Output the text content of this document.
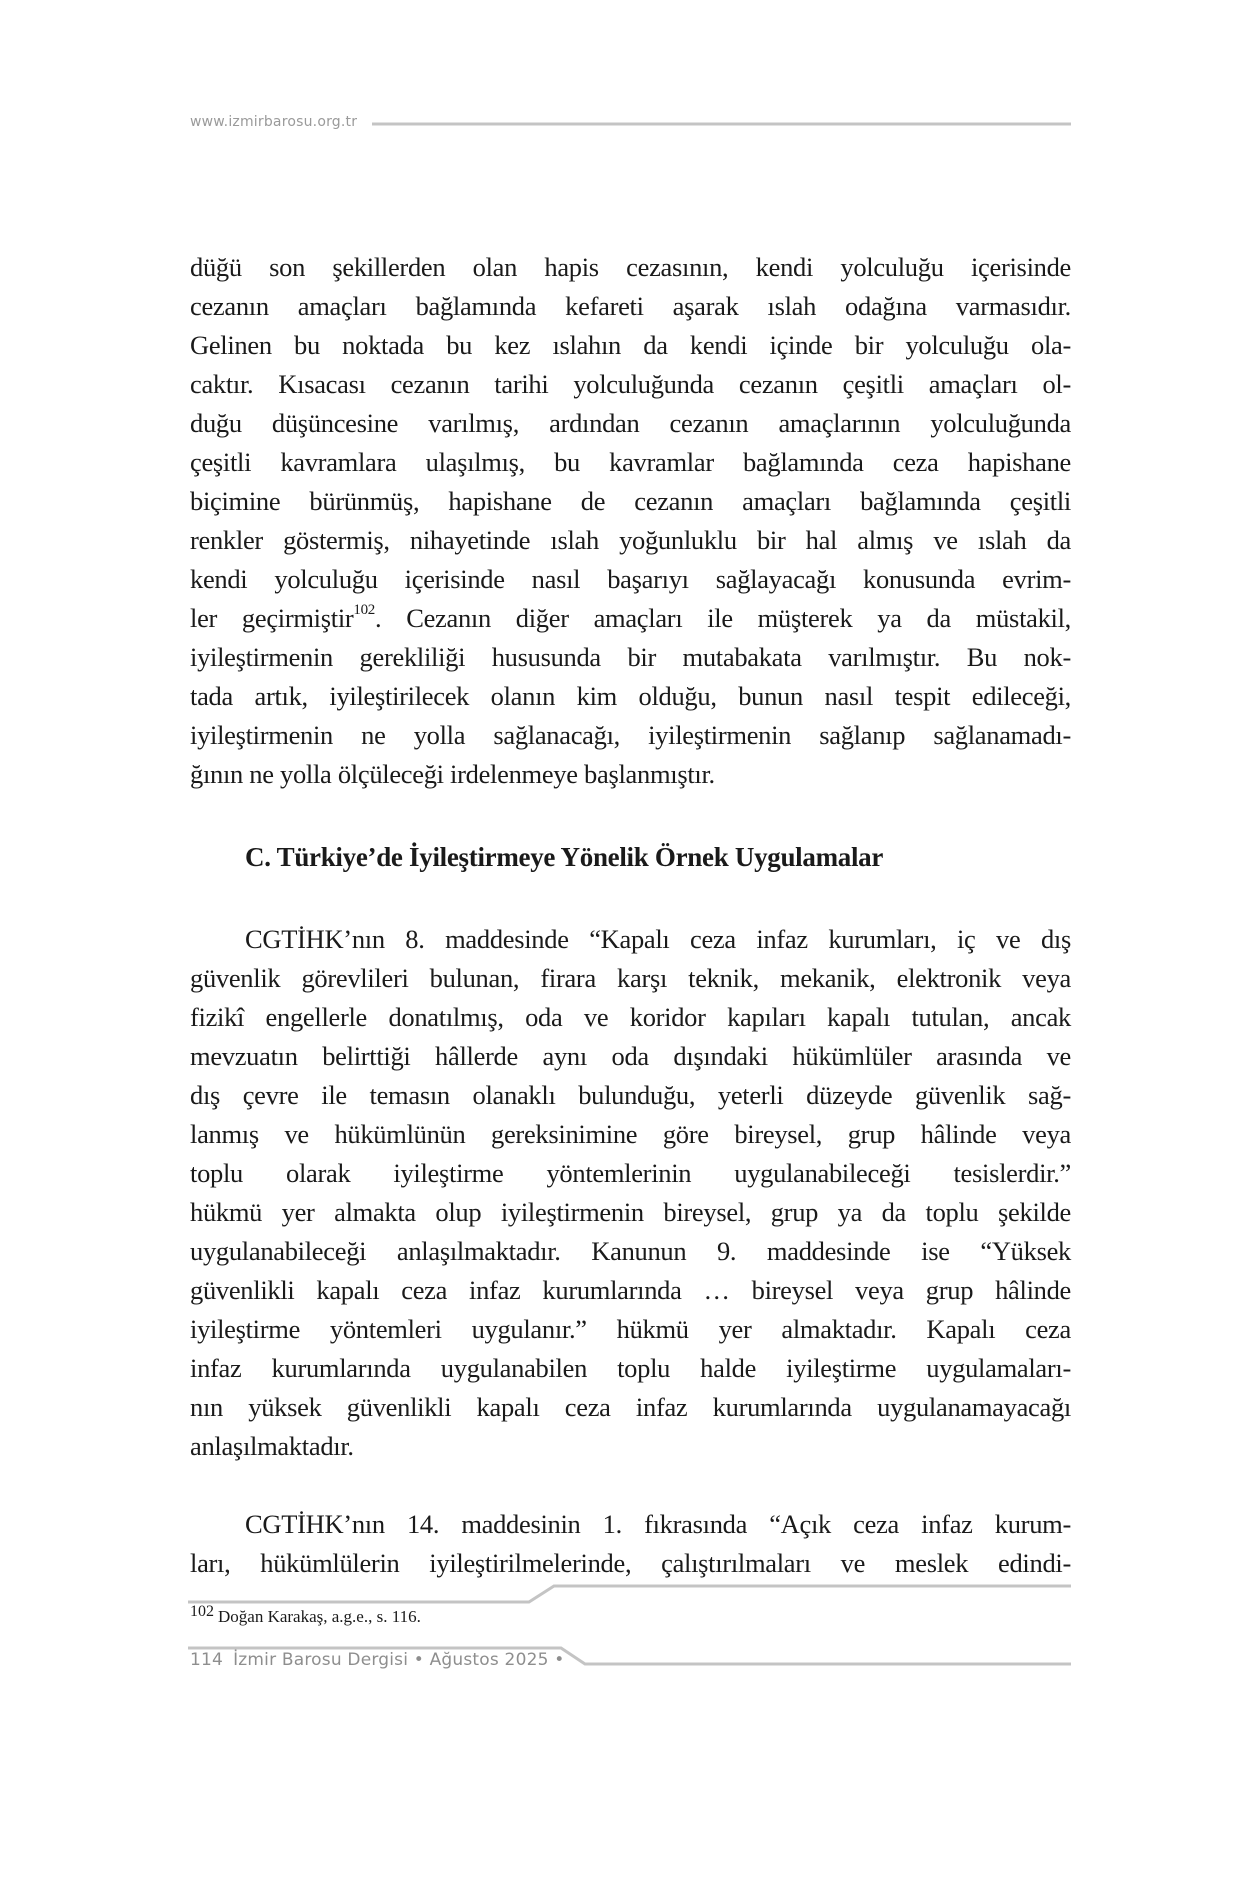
www.izmirbarosu.org.tr
düğü son şekillerden olan hapis cezasının, kendi yolculuğu içerisinde
cezanın amaçları bağlamında kefareti aşarak ıslah odağına varmasıdır.
Gelinen bu noktada bu kez ıslahın da kendi içinde bir yolculuğu ola-
caktır. Kısacası cezanın tarihi yolculuğunda cezanın çeşitli amaçları ol-
duğu düşüncesine varılmış, ardından cezanın amaçlarının yolculuğunda
çeşitli kavramlara ulaşılmış, bu kavramlar bağlamında ceza hapishane
biçimine bürünmüş, hapishane de cezanın amaçları bağlamında çeşitli
renkler göstermiş, nihayetinde ıslah yoğunluklu bir hal almış ve ıslah da
kendi yolculuğu içerisinde nasıl başarıyı sağlayacağı konusunda evrim-
ler geçirmiştir$^{102}$. Cezanın diğer amaçları ile müşterek ya da müstakil,
iyileştirmenin gerekliliği hususunda bir mutabakata varılmıştır. Bu nok-
tada artık, iyileştirilecek olanın kim olduğu, bunun nasıl tespit edileceği,
iyileştirmenin ne yolla sağlanacağı, iyileştirmenin sağlanıp sağlanamadı-
ğının ne yolla ölçüleceği irdelenmeye başlanmıştır.
C. Türkiye’de İyileştirmeye Yönelik Örnek Uygulamalar
CGTİHK’nın 8. maddesinde “Kapalı ceza infaz kurumları, iç ve dış
güvenlik görevlileri bulunan, firara karşı teknik, mekanik, elektronik veya
fizikî engellerle donatılmış, oda ve koridor kapıları kapalı tutulan, ancak
mevzuatın belirttiği hâllerde aynı oda dışındaki hükümlüler arasında ve
dış çevre ile temasın olanaklı bulunduğu, yeterli düzeyde güvenlik sağ-
lanmış ve hükümlünün gereksinimine göre bireysel, grup hâlinde veya
toplu olarak iyileştirme yöntemlerinin uygulanabileceği tesislerdir.”
hükmü yer almakta olup iyileştirmenin bireysel, grup ya da toplu şekilde
uygulanabileceği anlaşılmaktadır. Kanunun 9. maddesinde ise “Yüksek
güvenlikli kapalı ceza infaz kurumlarında … bireysel veya grup hâlinde
iyileştirme yöntemleri uygulanır.” hükmü yer almaktadır. Kapalı ceza
infaz kurumlarında uygulanabilen toplu halde iyileştirme uygulamaları-
nın yüksek güvenlikli kapalı ceza infaz kurumlarında uygulanamayacağı
anlaşılmaktadır.
CGTİHK’nın 14. maddesinin 1. fıkrasında “Açık ceza infaz kurum-
ları, hükümlülerin iyileştirilmelerinde, çalıştırılmaları ve meslek edindi-
102 Doğan Karakaş, a.g.e., s. 116.
114 İzmir Barosu Dergisi • Ağustos 2025 •
